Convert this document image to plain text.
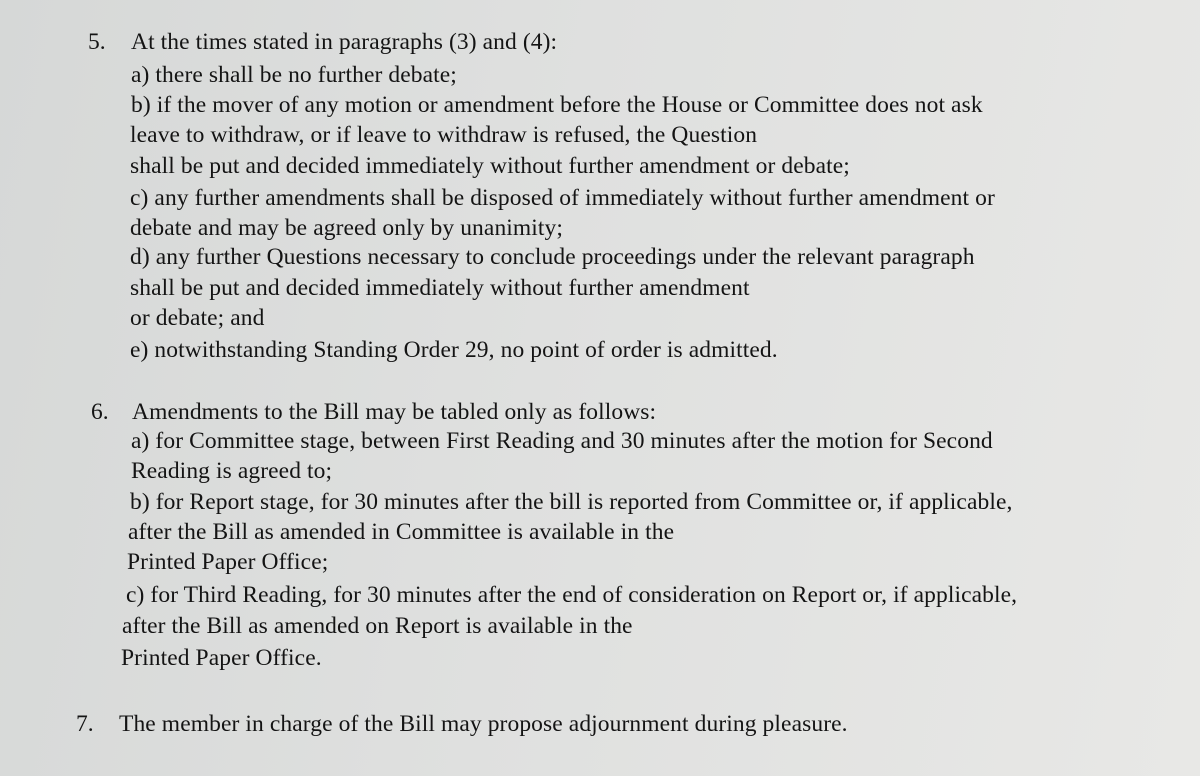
5. At the times stated in paragraphs (3) and (4):
a) there shall be no further debate;
b) if the mover of any motion or amendment before the House or Committee does not ask
leave to withdraw, or if leave to withdraw is refused, the Question
shall be put and decided immediately without further amendment or debate;
c) any further amendments shall be disposed of immediately without further amendment or
debate and may be agreed only by unanimity;
d) any further Questions necessary to conclude proceedings under the relevant paragraph
shall be put and decided immediately without further amendment
or debate; and
e) notwithstanding Standing Order 29, no point of order is admitted.
6. Amendments to the Bill may be tabled only as follows:
a) for Committee stage, between First Reading and 30 minutes after the motion for Second
Reading is agreed to;
b) for Report stage, for 30 minutes after the bill is reported from Committee or, if applicable,
after the Bill as amended in Committee is available in the
Printed Paper Office;
c) for Third Reading, for 30 minutes after the end of consideration on Report or, if applicable,
after the Bill as amended on Report is available in the
Printed Paper Office.
7. The member in charge of the Bill may propose adjournment during pleasure.
